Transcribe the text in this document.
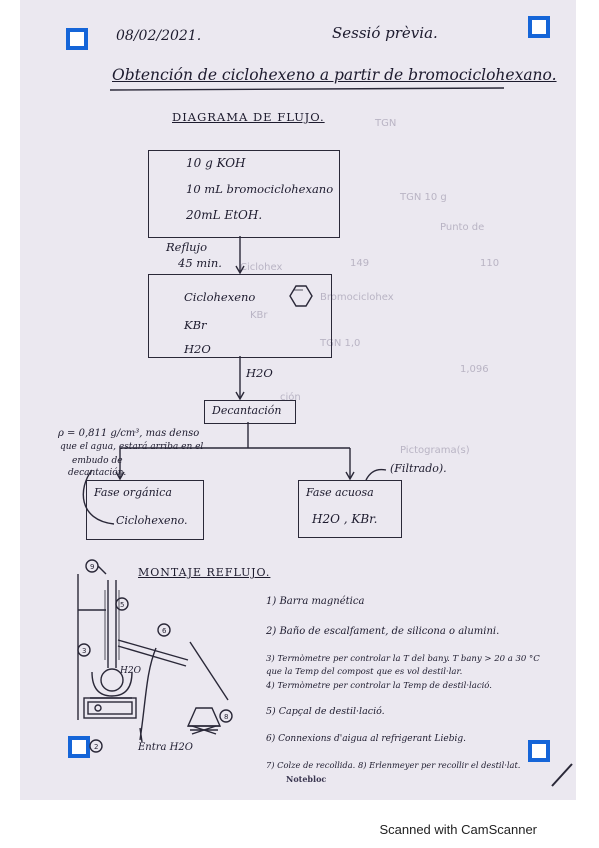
TGN
TGN 10 g
Punto de
149	110
TGN 1,0
1,096
ción
Pictograma(s)
Ciclohex
Bromociclohex
KBr
08/02/2021.	Sessió prèvia.
Obtención de ciclohexeno a partir de bromociclohexano.
DIAGRAMA DE FLUJO.
10 g KOH
10 mL bromociclohexano
20mL EtOH.
Reflujo
45 min.
Ciclohexeno
KBr
H2O
H2O
Decantación
ρ = 0,811 g/cm³, mas denso
que el agua, estará arriba en el
embudo de
decantación.
Fase orgánica
Ciclohexeno.
Fase acuosa
H2O , KBr.
(Filtrado).
MONTAJE REFLUJO.
1) Barra magnética
2) Baño de escalfament, de silicona o alumini.
3) Termòmetre per controlar la T del bany. T bany > 20 a 30 °C
que la Temp del compost que es vol destil·lar.
4) Termòmetre per controlar la Temp de destil·lació.
5) Capçal de destil·lació.
6) Connexions d'aigua al refrigerant Liebig.
7) Colze de recollida. 8) Erlenmeyer per recollir el destil·lat.
Notebloc
Entra H2O
H2O
9
5
3
6
2
8
Scanned with CamScanner
